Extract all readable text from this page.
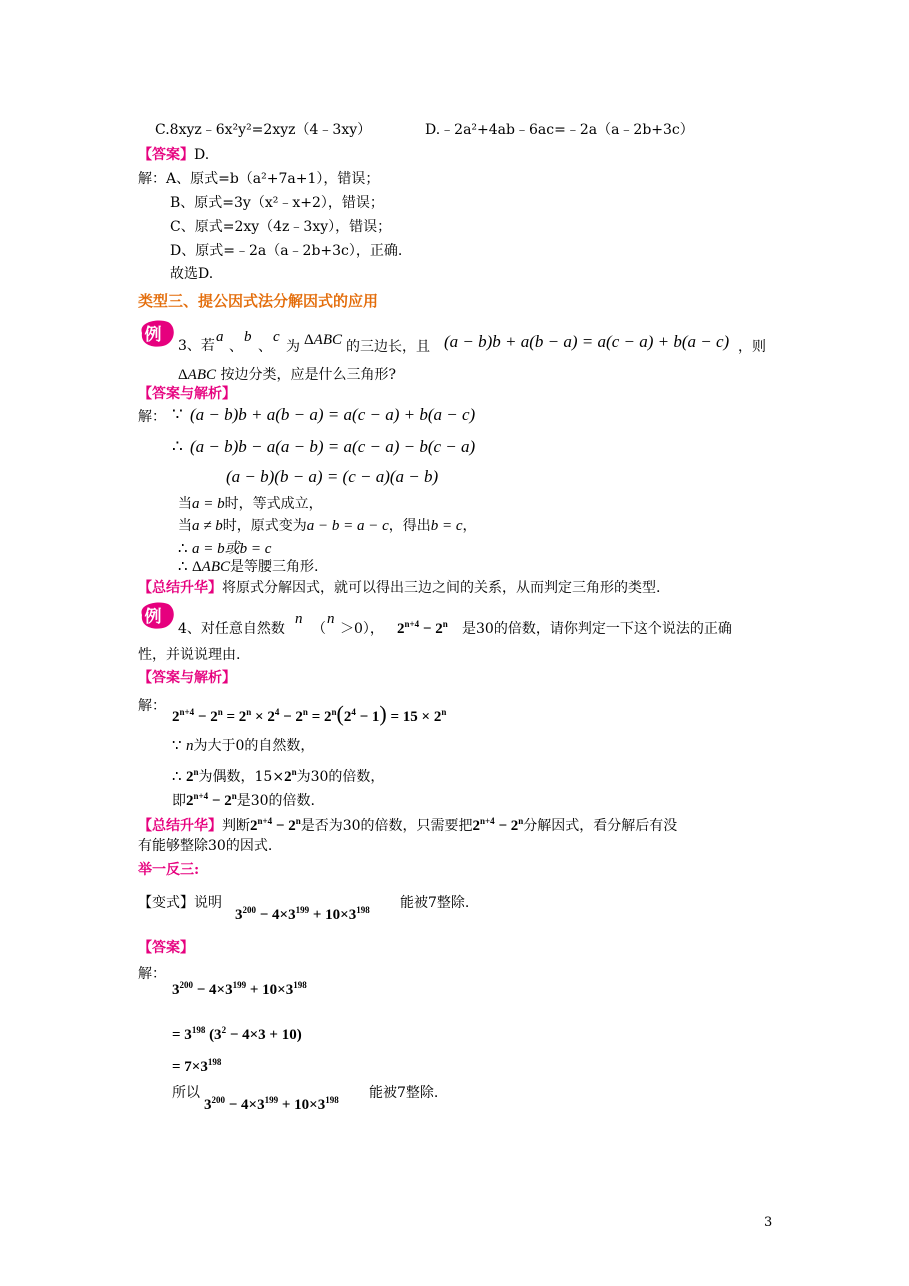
C.8xyz﹣6x²y²=2xyz（4﹣3xy）	D.﹣2a²+4ab﹣6ac=﹣2a（a﹣2b+3c）
【答案】D.
解：A、原式=b（a²+7a+1），错误；
B、原式=3y（x²﹣x+2），错误；
C、原式=2xy（4z﹣3xy），错误；
D、原式=﹣2a（a﹣2b+3c），正确.
故选D.
类型三、提公因式法分解因式的应用
例
3、若
a
、
b
、
c
为 ΔABC 的三边长，且 (a − b)b + a(b − a) = a(c − a) + b(a − c) ，则
ΔABC 按边分类，应是什么三角形?
【答案与解析】
解： ∵ (a − b)b + a(b − a) = a(c − a) + b(a − c)
∴ (a − b)b − a(a − b) = a(c − a) − b(c − a)
(a − b)(b − a) = (c − a)(a − b)
当a = b时，等式成立，
当a ≠ b时，原式变为a − b = a − c，得出b = c，
∴ a = b或b = c
∴ ΔABC是等腰三角形.
【总结升华】将原式分解因式，就可以得出三边之间的关系，从而判定三角形的类型.
例
4、对任意自然数
n
（
n
＞0）， $2^{n+4} - 2^n$ 是30的倍数，请你判定一下这个说法的正确
性，并说说理由.
【答案与解析】
解：
$2^{n+4} - 2^n = 2^n \times 2^4 - 2^n = 2^n(2^4 - 1) = 15 \times 2^n$
∵ n为大于0的自然数，
∴ 2$^n$为偶数，$15\times 2^n$为30的倍数，
即$2^{n+4} - 2^n$是30的倍数.
【总结升华】判断$2^{n+4} - 2^n$是否为30的倍数，只需要把$2^{n+4} - 2^n$分解因式，看分解后有没
有能够整除30的因式.
举一反三:
【变式】说明
$3^{200} - 4\times 3^{199} + 10\times 3^{198}$ 能被7整除.
【答案】
解：
$3^{200} - 4\times 3^{199} + 10\times 3^{198}$
= $3^{198}$ $(3^2 - 4\times 3 + 10)$
= $7\times 3^{198}$
所以
$3^{200} - 4\times 3^{199} + 10\times 3^{198}$ 能被7整除.
3
